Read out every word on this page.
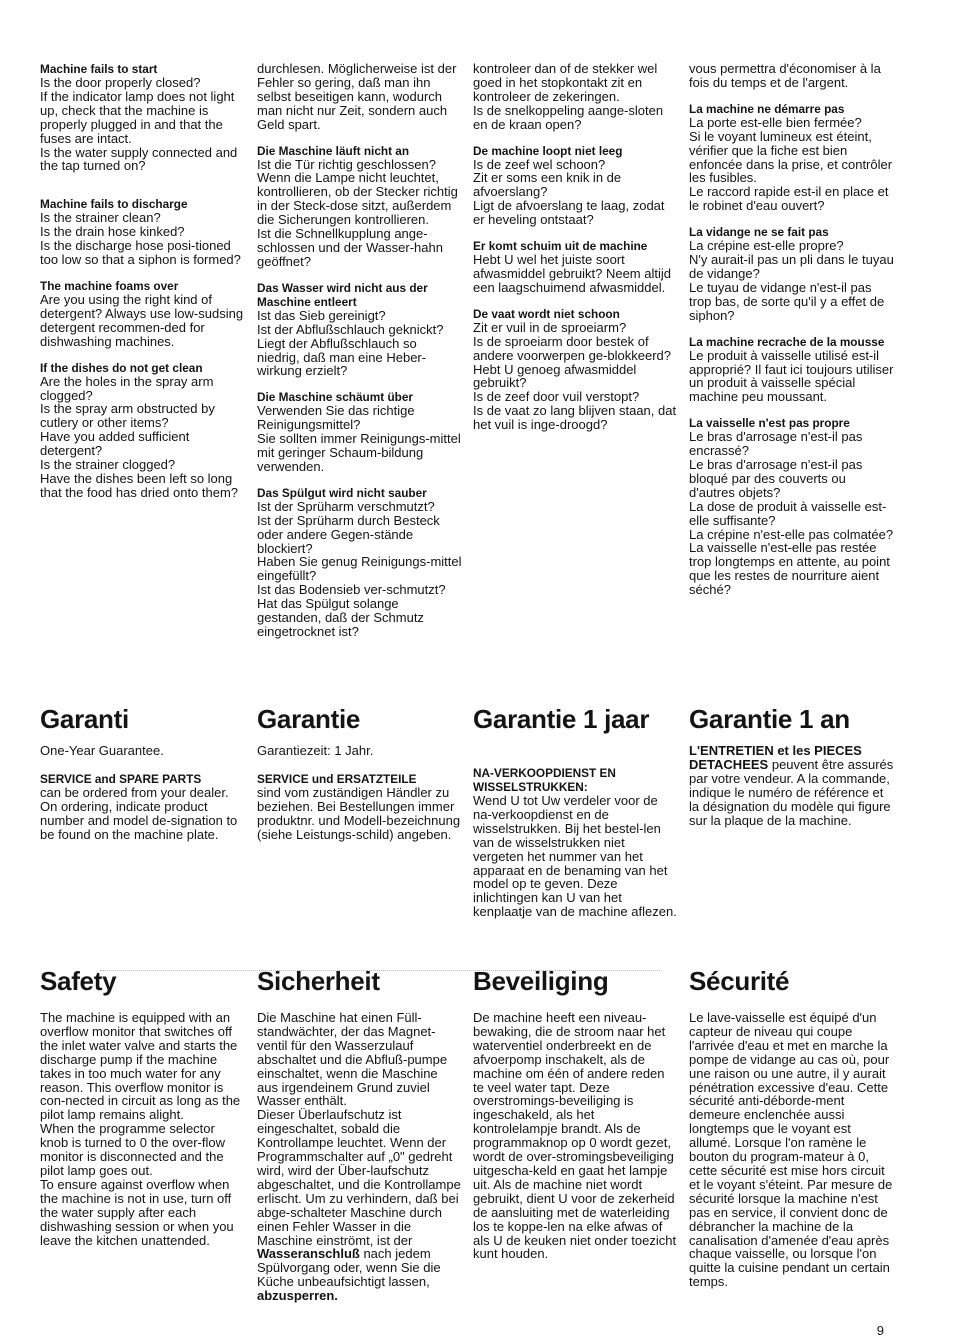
Machine fails to start
Is the door properly closed?
If the indicator lamp does not light up, check that the machine is properly plugged in and that the fuses are intact.
Is the water supply connected and the tap turned on?
Machine fails to discharge
Is the strainer clean?
Is the drain hose kinked?
Is the discharge hose posi-tioned too low so that a siphon is formed?
The machine foams over
Are you using the right kind of detergent? Always use low-sudsing detergent recommen-ded for dishwashing machines.
If the dishes do not get clean
Are the holes in the spray arm clogged?
Is the spray arm obstructed by cutlery or other items?
Have you added sufficient detergent?
Is the strainer clogged?
Have the dishes been left so long that the food has dried onto them?
durchlesen. Möglicherweise ist der Fehler so gering, daß man ihn selbst beseitigen kann, wodurch man nicht nur Zeit, sondern auch Geld spart.
Die Maschine läuft nicht an
Ist die Tür richtig geschlossen?
Wenn die Lampe nicht leuchtet, kontrollieren, ob der Stecker richtig in der Steck-dose sitzt, außerdem die Sicherungen kontrollieren.
Ist die Schnellkupplung ange-schlossen und der Wasser-hahn geöffnet?
Das Wasser wird nicht aus der Maschine entleert
Ist das Sieb gereinigt?
Ist der Abflußschlauch geknickt?
Liegt der Abflußschlauch so niedrig, daß man eine Heber-wirkung erzielt?
Die Maschine schäumt über
Verwenden Sie das richtige Reinigungsmittel?
Sie sollten immer Reinigungs-mittel mit geringer Schaum-bildung verwenden.
Das Spülgut wird nicht sauber
Ist der Sprüharm verschmutzt?
Ist der Sprüharm durch Besteck oder andere Gegen-stände blockiert?
Haben Sie genug Reinigungs-mittel eingefüllt?
Ist das Bodensieb ver-schmutzt?
Hat das Spülgut solange gestanden, daß der Schmutz eingetrocknet ist?
kontroleer dan of de stekker wel goed in het stopkontakt zit en kontroleer de zekeringen.
Is de snelkoppeling aange-sloten en de kraan open?
De machine loopt niet leeg
Is de zeef wel schoon?
Zit er soms een knik in de afvoerslang?
Ligt de afvoerslang te laag, zodat er heveling ontstaat?
Er komt schuim uit de machine
Hebt U wel het juiste soort afwasmiddel gebruikt? Neem altijd een laagschuimend afwasmiddel.
De vaat wordt niet schoon
Zit er vuil in de sproeiarm?
Is de sproeiarm door bestek of andere voorwerpen ge-blokkeerd?
Hebt U genoeg afwasmiddel gebruikt?
Is de zeef door vuil verstopt?
Is de vaat zo lang blijven staan, dat het vuil is inge-droogd?
vous permettra d'économiser à la fois du temps et de l'argent.
La machine ne démarre pas
La porte est-elle bien fermée?
Si le voyant lumineux est éteint, vérifier que la fiche est bien enfoncée dans la prise, et contrôler les fusibles.
Le raccord rapide est-il en place et le robinet d'eau ouvert?
La vidange ne se fait pas
La crépine est-elle propre?
N'y aurait-il pas un pli dans le tuyau de vidange?
Le tuyau de vidange n'est-il pas trop bas, de sorte qu'il y a effet de siphon?
La machine recrache de la mousse
Le produit à vaisselle utilisé est-il approprié? Il faut ici toujours utiliser un produit à vaisselle spécial machine peu moussant.
La vaisselle n'est pas propre
Le bras d'arrosage n'est-il pas encrassé?
Le bras d'arrosage n'est-il pas bloqué par des couverts ou d'autres objets?
La dose de produit à vaisselle est-elle suffisante?
La crépine n'est-elle pas colmatée?
La vaisselle n'est-elle pas restée trop longtemps en attente, au point que les restes de nourriture aient séché?
Garanti
One-Year Guarantee.
SERVICE and SPARE PARTS
can be ordered from your dealer. On ordering, indicate product number and model de-signation to be found on the machine plate.
Garantie
Garantiezeit: 1 Jahr.
SERVICE und ERSATZTEILE
sind vom zuständigen Händler zu beziehen. Bei Bestellungen immer produktnr. und Modell-bezeichnung (siehe Leistungs-schild) angeben.
Garantie 1 jaar
NA-VERKOOPDIENST EN WISSELSTRUKKEN:
Wend U tot Uw verdeler voor de na-verkoopdienst en de wisselstrukken. Bij het bestel-len van de wisselstrukken niet vergeten het nummer van het apparaat en de benaming van het model op te geven. Deze inlichtingen kan U van het kenplaatje van de machine aflezen.
Garantie 1 an
L'ENTRETIEN et les PIECES DETACHEES peuvent être assurés par votre vendeur. A la commande, indique le numéro de référence et la désignation du modèle qui figure sur la plaque de la machine.
Safety
The machine is equipped with an overflow monitor that switches off the inlet water valve and starts the discharge pump if the machine takes in too much water for any reason. This overflow monitor is con-nected in circuit as long as the pilot lamp remains alight.
When the programme selector knob is turned to 0 the over-flow monitor is disconnected and the pilot lamp goes out.
To ensure against overflow when the machine is not in use, turn off the water supply after each dishwashing session or when you leave the kitchen unattended.
Sicherheit
Die Maschine hat einen Füll-standwächter, der das Magnet-ventil für den Wasserzulauf abschaltet und die Abfluß-pumpe einschaltet, wenn die Maschine aus irgendeinem Grund zuviel Wasser enthält.
Dieser Überlaufschutz ist eingeschaltet, sobald die Kontrollampe leuchtet. Wenn der Programmschalter auf „0" gedreht wird, wird der Über-laufschutz abgeschaltet, und die Kontrollampe erlischt. Um zu verhindern, daß bei abge-schalteter Maschine durch einen Fehler Wasser in die Maschine einströmt, ist der Wasseranschluß nach jedem Spülvorgang oder, wenn Sie die Küche unbeaufsichtigt lassen, abzusperren.
Beveiliging
De machine heeft een niveau-bewaking, die de stroom naar het waterventiel onderbreekt en de afvoerpomp inschakelt, als de machine om één of andere reden te veel water tapt. Deze overstromings-beveiliging is ingeschakeld, als het kontrolelampje brandt. Als de programmaknop op 0 wordt gezet, wordt de over-stromingsbeveiliging uitgescha-keld en gaat het lampje uit. Als de machine niet wordt gebruikt, dient U voor de zekerheid de aansluiting met de waterleiding los te koppe-len na elke afwas of als U de keuken niet onder toezicht kunt houden.
Sécurité
Le lave-vaisselle est équipé d'un capteur de niveau qui coupe l'arrivée d'eau et met en marche la pompe de vidange au cas où, pour une raison ou une autre, il y aurait pénétration excessive d'eau. Cette sécurité anti-débordе-ment demeure enclenchée aussi longtemps que le voyant est allumé. Lorsque l'on ramène le bouton du program-mateur à 0, cette sécurité est mise hors circuit et le voyant s'éteint. Par mesure de sécurité lorsque la machine n'est pas en service, il convient donc de débrancher la machine de la canalisation d'amenée d'eau après chaque vaisselle, ou lorsque l'on quitte la cuisine pendant un certain temps.
9
